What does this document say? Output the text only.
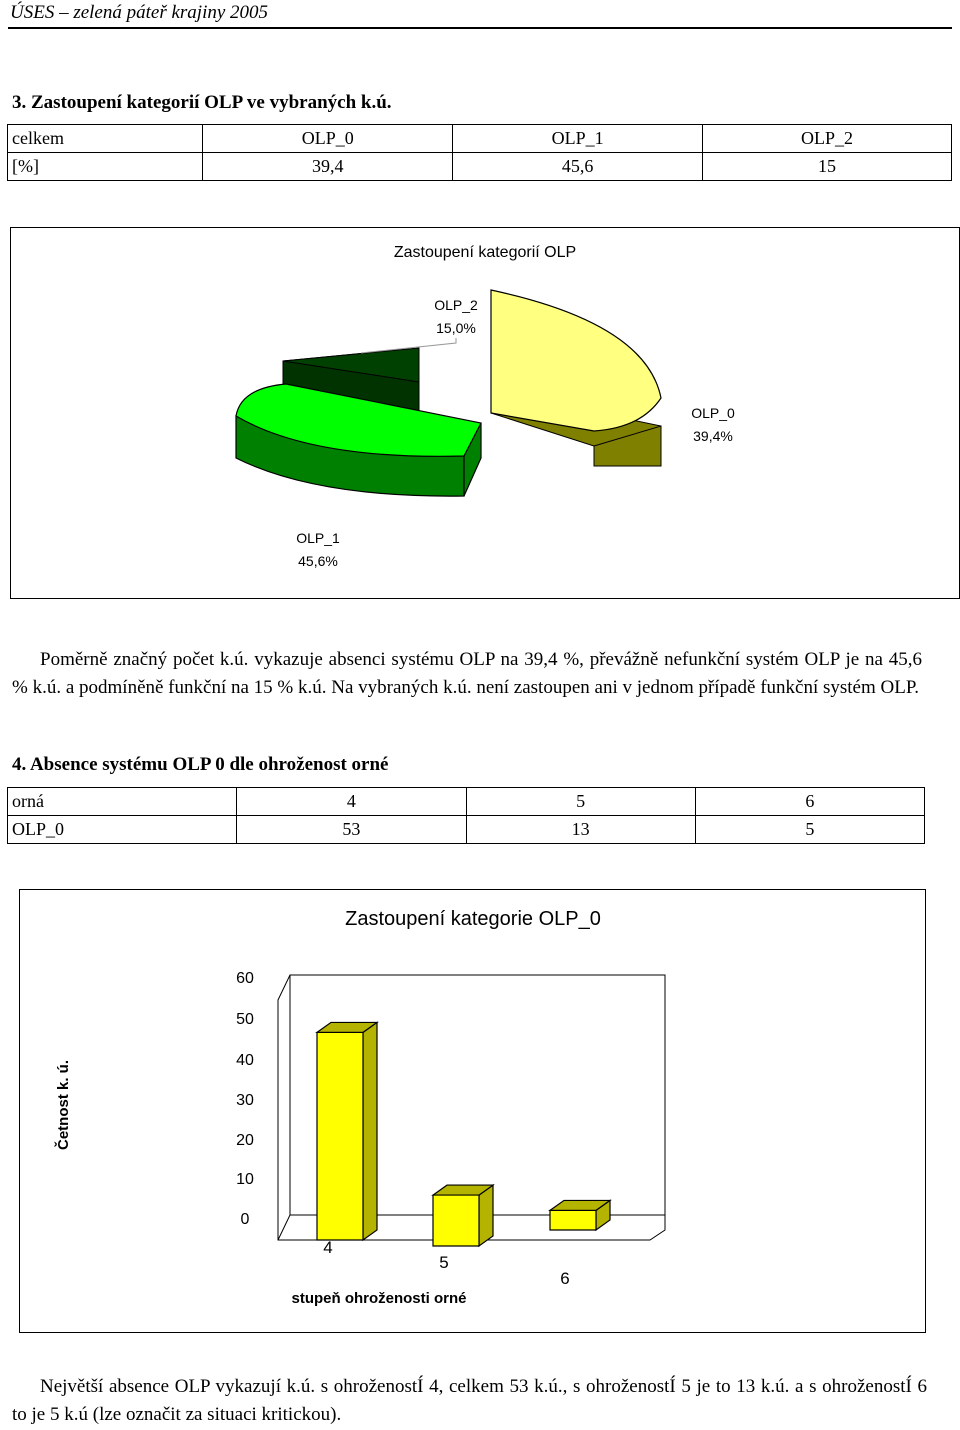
ÚSES – zelená páteř krajiny 2005
3. Zastoupení kategorií OLP ve vybraných k.ú.
celkem	OLP_0	OLP_1	OLP_2
[%]	39,4	45,6	15
Zastoupení kategorií OLP
OLP_2
15,0%
OLP_0
39,4%
OLP_1
45,6%

Poměrně značný počet k.ú. vykazuje absenci systému OLP na 39,4 %, převážně nefunkční systém OLP je na 45,6 % k.ú. a podmíněně funkční na 15 % k.ú. Na vybraných k.ú. není zastoupen ani v jednom případě funkční systém OLP.

4. Absence systému OLP 0 dle ohroženost orné
orná	4	5	6
OLP_0	53	13	5
Zastoupení kategorie OLP_0
Četnost k. ú.
stupeň ohroženosti orné
60
50
40
30
20
10
0
4
5
6

Největší absence OLP vykazují k.ú. s ohroženostÍ 4, celkem 53 k.ú., s ohroženostÍ 5 je to 13 k.ú. a s ohroženostÍ 6 to je 5 k.ú (lze označit za situaci kritickou).
